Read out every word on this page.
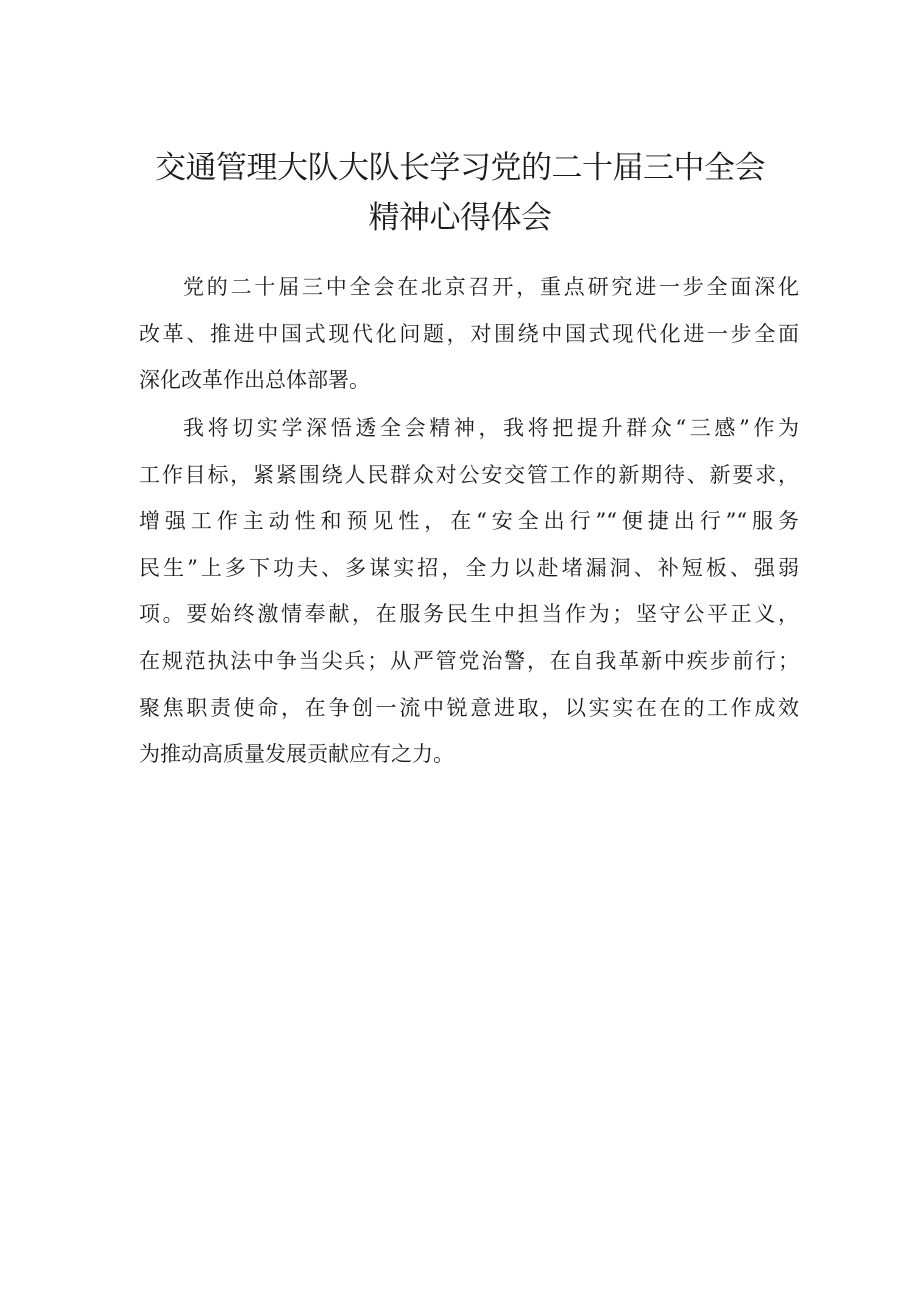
交通管理大队大队长学习党的二十届三中全会
精神心得体会

党的二十届三中全会在北京召开，重点研究进一步全面深化
改革、推进中国式现代化问题，对围绕中国式现代化进一步全面
深化改革作出总体部署。

我将切实学深悟透全会精神，我将把提升群众“三感”作为
工作目标，紧紧围绕人民群众对公安交管工作的新期待、新要求，
增强工作主动性和预见性，在“安全出行”“便捷出行”“服务
民生”上多下功夫、多谋实招，全力以赴堵漏洞、补短板、强弱
项。要始终激情奉献，在服务民生中担当作为；坚守公平正义，
在规范执法中争当尖兵；从严管党治警，在自我革新中疾步前行；
聚焦职责使命，在争创一流中锐意进取，以实实在在的工作成效
为推动高质量发展贡献应有之力。
